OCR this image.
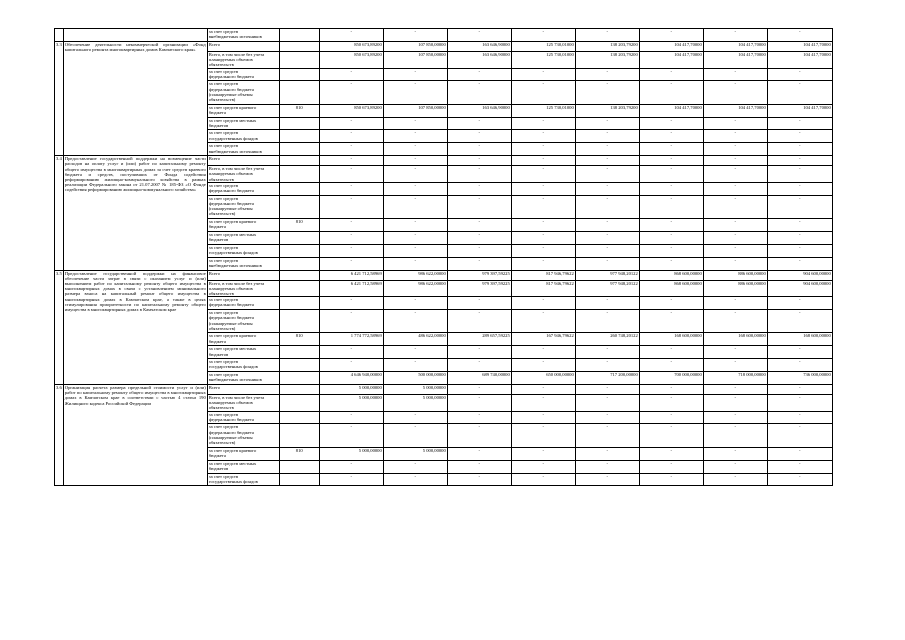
		за счет средств
внебюджетных источников		-	-	-	-	-	-	-	-
3.3	Обеспечение деятельности некоммерческой организации «Фонд капитального ремонта многоквартирных домов Камчатского края»	Всего		850 673,89200	107 850,00000	163 646,90000	125 730,01000	138 203,79200	104 417,70000	104 417,70000	104 417,70000

		Всего, в том числе без учета планируемых объемов
обязательств		850 673,89200	107 850,00000	163 646,90000	125 730,01000	138 203,79200	104 417,70000	104 417,70000	104 417,70000

		за счет средств
федерального бюджета		-	-	-	-	-	-	-	-

		за счет средств
федерального бюджета
(планируемые объемы
обязательств)		-	-	-	-	-	-	-	-

		за счет средств краевого
бюджета	810	850 673,89200	107 850,00000	163 646,90000	125 730,01000	138 203,79200	104 417,70000	104 417,70000	104 417,70000

		за счет средств местных
бюджетов		-	-	-	-	-	-	-	-

		за счет средств
государственных фондов		-	-	-	-	-	-	-	-

		за счет средств
внебюджетных источников		-	-	-	-	-	-	-	-
3.4	Предоставление государственной поддержки на возмещение части расходов на оплату услуг и (или) работ по капитальному ремонту общего имущества в многоквартирных домах за счет средств краевого бюджета и средств, поступивших от Фонда содействия реформированию жилищно-коммунального хозяйства в рамках реализации Федерального закона от 21.07.2007 № 185-ФЗ «О Фонде содействия реформированию жилищно-коммунального хозяйства»	Всего		-	-	-	-	-	-	-	-

		Всего, в том числе без учета планируемых объемов
обязательств		-	-	-	-	-	-	-	-

		за счет средств
федерального бюджета		-	-	-	-	-	-	-	-

		за счет средств
федерального бюджета
(планируемые объемы
обязательств)		-	-	-	-	-	-	-	-

		за счет средств краевого
бюджета	810	-	-	-	-	-	-	-	-

		за счет средств местных
бюджетов		-	-	-	-	-	-	-	-

		за счет средств
государственных фондов		-	-	-	-	-	-	-	-

		за счет средств
внебюджетных источников		-	-	-	-	-	-	-	-
3.5	Предоставление государственной поддержки на финансовое обеспечение части затрат в связи с оказанием услуг и (или) выполнением работ по капитальному ремонту общего имущества в многоквартирных домах в связи с установлением минимального размера взноса на капитальный ремонт общего имущества в многоквартирных домах в Камчатском крае, а также в целях стимулирования приоритетности по капитальному ремонту общего имущества в многоквартирных домах в Камчатском крае	Всего		6 421 712,58969	986 622,00000	979 397,59225	817 946,79622	977 948,20122	868 600,00000	886 600,00000	904 600,00000

		Всего, в том числе без учета планируемых объемов
обязательств		6 421 712,58969	986 622,00000	979 397,59225	817 946,79622	977 948,20122	868 600,00000	886 600,00000	904 600,00000

		за счет средств
федерального бюджета		-	-	-	-	-	-	-	-

		за счет средств
федерального бюджета
(планируемые объемы
обязательств)		-	-	-	-	-	-	-	-

		за счет средств краевого
бюджета	810	1 774 772,58969	486 622,00000	289 657,59225	167 946,79622	260 748,20122	168 600,00000	168 600,00000	168 600,00000

		за счет средств местных
бюджетов		-	-	-	-	-	-	-	-

		за счет средств
государственных фондов		-	-	-	-	-	-	-	-

		за счет средств
внебюджетных источников		4 646 940,00000	500 000,00000	689 740,00000	650 000,00000	717 200,00000	700 000,00000	718 000,00000	736 000,00000
3.6	Организация расчета размера предельной стоимости услуг и (или) работ по капитальному ремонту общего имущества в многоквартирных домах в Камчатском крае в соответствии с частью 4 статьи 190 Жилищного кодекса Российской Федерации	Всего		5 000,00000	5 000,00000	-	-	-	-	-	-

		Всего, в том числе без учета планируемых объемов
обязательств		5 000,00000	5 000,00000	-	-	-	-	-	-

		за счет средств
федерального бюджета		-	-	-	-	-	-	-	-

		за счет средств
федерального бюджета
(планируемые объемы
обязательств)		-	-	-	-	-	-	-	-

		за счет средств краевого
бюджета	810	5 000,00000	5 000,00000	-	-	-	-	-	-

		за счет средств местных
бюджетов		-	-	-	-	-	-	-	-

		за счет средств
государственных фондов		-	-	-	-	-	-	-	-
